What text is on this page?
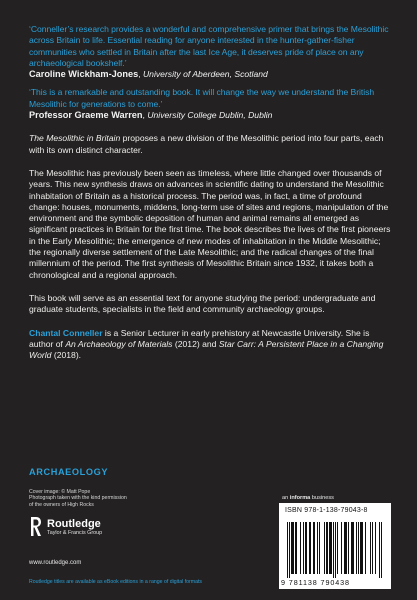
‘Conneller’s research provides a wonderful and comprehensive primer that brings the Mesolithic across Britain to life. Essential reading for anyone interested in the hunter-gather-fisher communities who settled in Britain after the last Ice Age, it deserves pride of place on any archaeological bookshelf.’

Caroline Wickham-Jones, University of Aberdeen, Scotland

‘This is a remarkable and outstanding book. It will change the way we understand the British Mesolithic for generations to come.’

Professor Graeme Warren, University College Dublin, Dublin

The Mesolithic in Britain proposes a new division of the Mesolithic period into four parts, each with its own distinct character.

The Mesolithic has previously been seen as timeless, where little changed over thousands of years. This new synthesis draws on advances in scientific dating to understand the Mesolithic inhabitation of Britain as a historical process. The period was, in fact, a time of profound change: houses, monuments, middens, long-term use of sites and regions, manipulation of the environment and the symbolic deposition of human and animal remains all emerged as significant practices in Britain for the first time. The book describes the lives of the first pioneers in the Early Mesolithic; the emergence of new modes of inhabitation in the Middle Mesolithic; the regionally diverse settlement of the Late Mesolithic; and the radical changes of the final millennium of the period. The first synthesis of Mesolithic Britain since 1932, it takes both a chronological and a regional approach.

This book will serve as an essential text for anyone studying the period: undergraduate and graduate students, specialists in the field and community archaeology groups.

Chantal Conneller is a Senior Lecturer in early prehistory at Newcastle University. She is author of An Archaeology of Materials (2012) and Star Carr: A Persistent Place in a Changing World (2018).

ARCHAEOLOGY
Cover image: © Matt Pope
Photograph taken with the kind permission
of the owners of High Rocks
Routledge
Taylor & Francis Group
www.routledge.com
Routledge titles are available as eBook editions in a range of digital formats
an informa business
ISBN 978-1-138-79043-8
9 781138 790438
